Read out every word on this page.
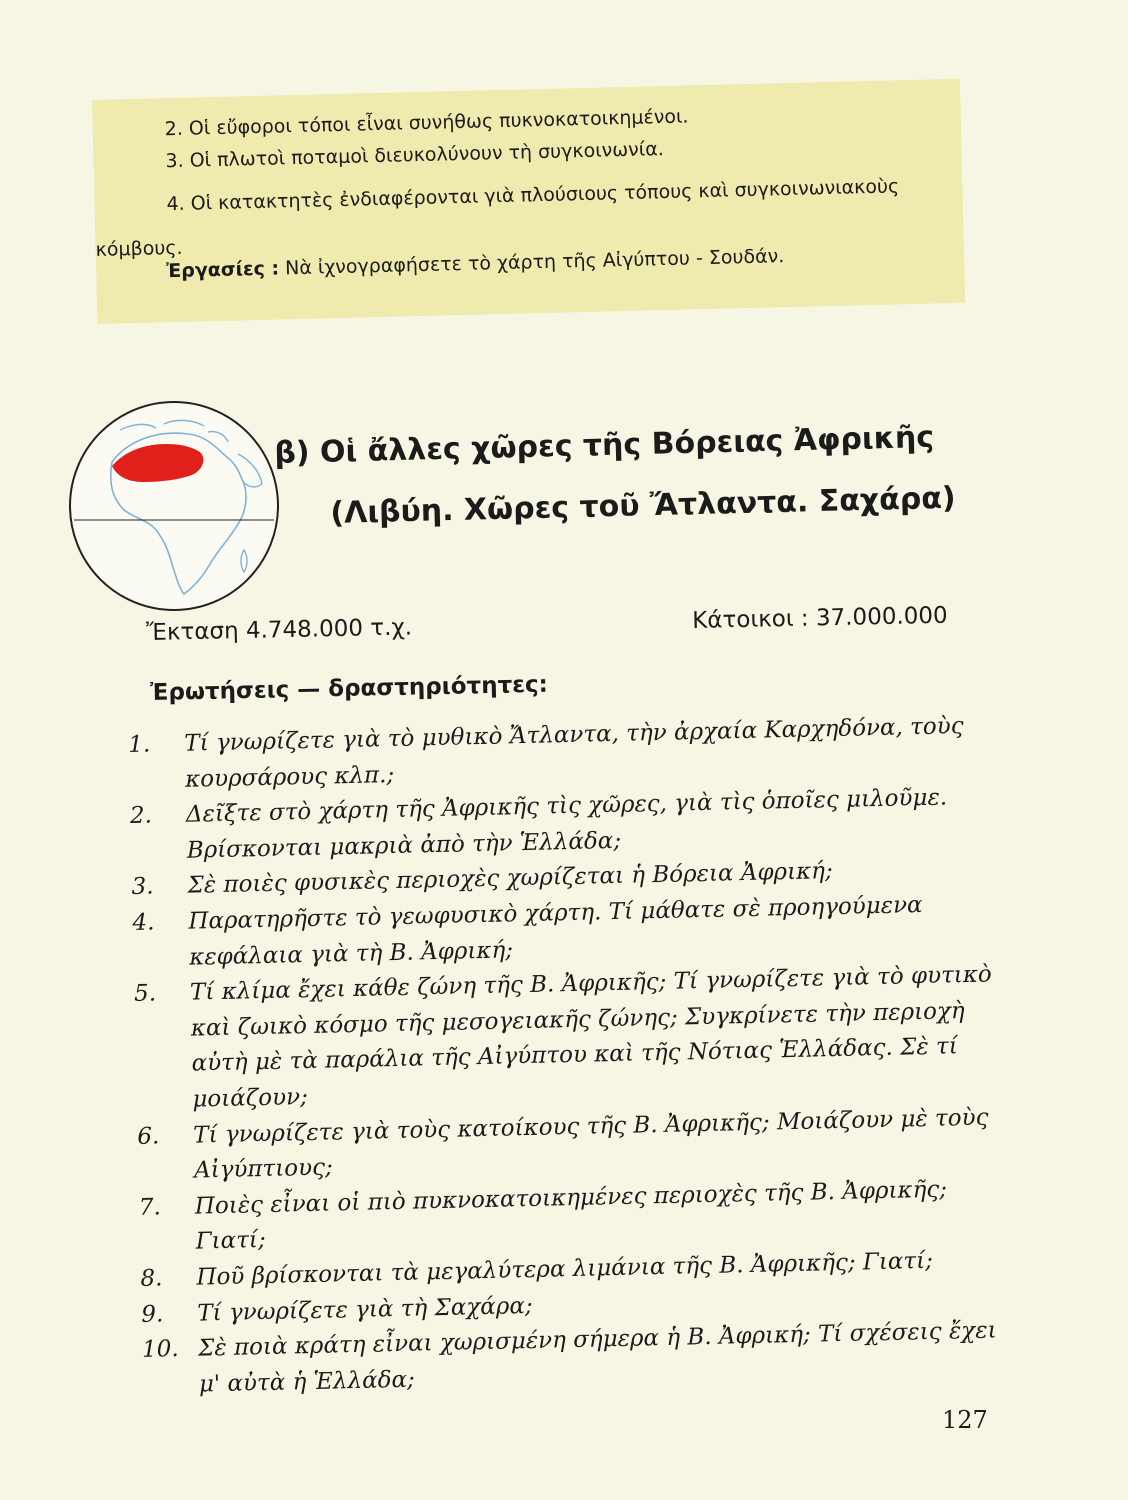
2. Οἱ εὔφοροι τόποι εἶναι συνήθως πυκνοκατοικημένοι.
3. Οἱ πλωτοὶ ποταμοὶ διευκολύνουν τὴ συγκοινωνία.
4. Οἱ κατακτητὲς ἐνδιαφέρονται γιὰ πλούσιους τόπους καὶ συγκοινωνιακοὺς κόμβους.
Ἐργασίες : Νὰ ἰχνογραφήσετε τὸ χάρτη τῆς Αἰγύπτου - Σουδάν.
β) Οἱ ἄλλες χῶρες τῆς Βόρειας Ἀφρικῆς
(Λιβύη. Χῶρες τοῦ Ἄτλαντα. Σαχάρα)
Ἔκταση 4.748.000 τ.χ.	Κάτοικοι : 37.000.000
Ἐρωτήσεις — δραστηριότητες:
1.	Τί γνωρίζετε γιὰ τὸ μυθικὸ Ἄτλαντα, τὴν ἀρχαία Καρχηδόνα, τοὺς κουρσάρους κλπ.;
2.	Δεῖξτε στὸ χάρτη τῆς Ἀφρικῆς τὶς χῶρες, γιὰ τὶς ὁποῖες μιλοῦμε. Βρίσκονται μακριὰ ἀπὸ τὴν Ἑλλάδα;
3.	Σὲ ποιὲς φυσικὲς περιοχὲς χωρίζεται ἡ Βόρεια Ἀφρική;
4.	Παρατηρῆστε τὸ γεωφυσικὸ χάρτη. Τί μάθατε σὲ προηγούμενα κεφάλαια γιὰ τὴ Β. Ἀφρική;
5.	Τί κλίμα ἔχει κάθε ζώνη τῆς Β. Ἀφρικῆς; Τί γνωρίζετε γιὰ τὸ φυτικὸ καὶ ζωικὸ κόσμο τῆς μεσογειακῆς ζώνης; Συγκρίνετε τὴν περιοχὴ αὐτὴ μὲ τὰ παράλια τῆς Αἰγύπτου καὶ τῆς Νότιας Ἑλλάδας. Σὲ τί μοιάζουν;
6.	Τί γνωρίζετε γιὰ τοὺς κατοίκους τῆς Β. Ἀφρικῆς; Μοιάζουν μὲ τοὺς Αἰγύπτιους;
7.	Ποιὲς εἶναι οἱ πιὸ πυκνοκατοικημένες περιοχὲς τῆς Β. Ἀφρικῆς; Γιατί;
8.	Ποῦ βρίσκονται τὰ μεγαλύτερα λιμάνια τῆς Β. Ἀφρικῆς; Γιατί;
9.	Τί γνωρίζετε γιὰ τὴ Σαχάρα;
10. Σὲ ποιὰ κράτη εἶναι χωρισμένη σήμερα ἡ Β. Ἀφρική; Τί σχέσεις ἔχει μ' αὐτὰ ἡ Ἑλλάδα;
127
